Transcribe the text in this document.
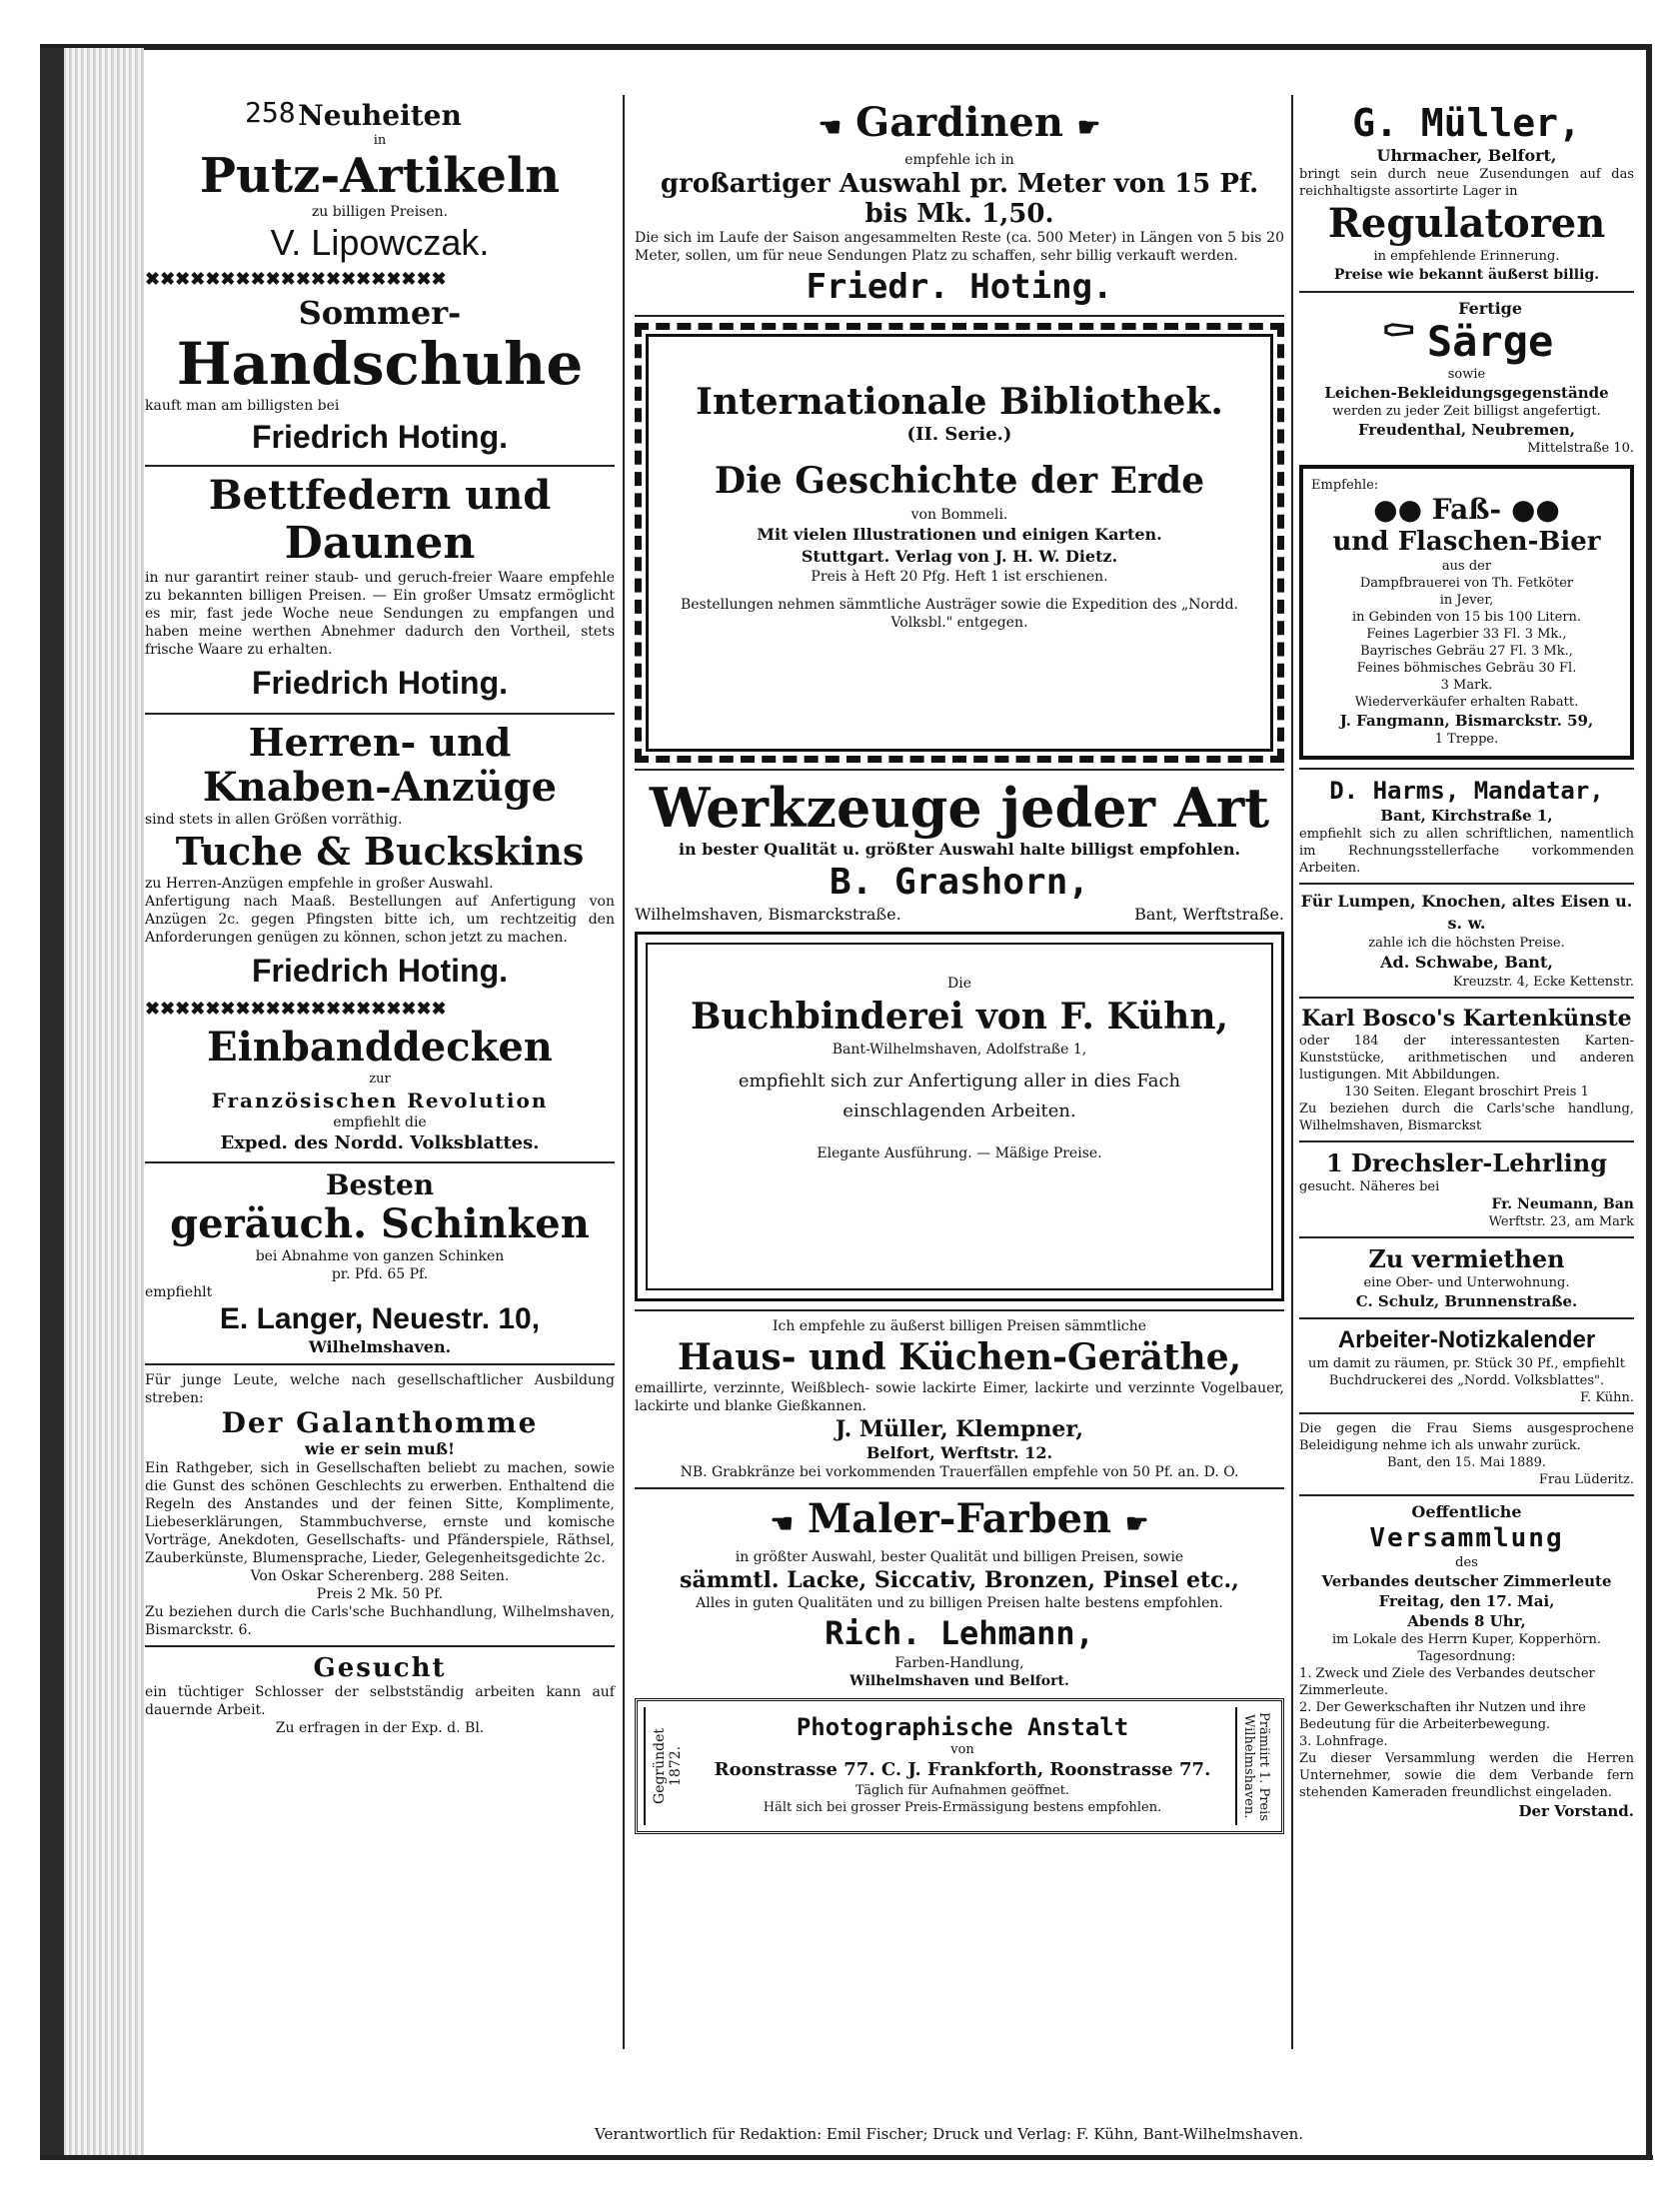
258 Neuheiten
in
Putz-Artikeln
zu billigen Preisen.
V. Lipowczak.
✖✖✖✖✖✖✖✖✖✖✖✖✖✖✖✖✖✖✖✖
Sommer-
Handschuhe
kauft man am billigsten bei
Friedrich Hoting.
Bettfedern und
Daunen
in nur garantirt reiner staub- und geruch-freier Waare empfehle zu bekannten billigen Preisen. — Ein großer Umsatz ermöglicht es mir, fast jede Woche neue Sendungen zu empfangen und haben meine werthen Abnehmer dadurch den Vortheil, stets frische Waare zu erhalten.
Friedrich Hoting.
Herren- und
Knaben-Anzüge
sind stets in allen Größen vorräthig.
Tuche & Buckskins
zu Herren-Anzügen empfehle in großer Auswahl.
Anfertigung nach Maaß. Bestellungen auf Anfertigung von Anzügen 2c. gegen Pfingsten bitte ich, um rechtzeitig den Anforderungen genügen zu können, schon jetzt zu machen.
Friedrich Hoting.
✖✖✖✖✖✖✖✖✖✖✖✖✖✖✖✖✖✖✖✖
Einbanddecken
zur
Französischen Revolution
empfiehlt die
Exped. des Nordd. Volksblattes.
Besten
geräuch. Schinken
bei Abnahme von ganzen Schinken
pr. Pfd. 65 Pf.
empfiehlt
E. Langer, Neuestr. 10,
Wilhelmshaven.
Für junge Leute, welche nach gesellschaftlicher Ausbildung streben:
Der Galanthomme
wie er sein muß!
Ein Rathgeber, sich in Gesellschaften beliebt zu machen, sowie die Gunst des schönen Geschlechts zu erwerben. Enthaltend die Regeln des Anstandes und der feinen Sitte, Komplimente, Liebeserklärungen, Stammbuchverse, ernste und komische Vorträge, Anekdoten, Gesellschafts- und Pfänderspiele, Räthsel, Zauberkünste, Blumensprache, Lieder, Gelegenheitsgedichte 2c.
Von Oskar Scherenberg. 288 Seiten.
Preis 2 Mk. 50 Pf.
Zu beziehen durch die Carls'sche Buchhandlung, Wilhelmshaven, Bismarckstr. 6.
Gesucht
ein tüchtiger Schlosser der selbstständig arbeiten kann auf dauernde Arbeit.
Zu erfragen in der Exp. d. Bl.
☚ Gardinen ☛
empfehle ich in
großartiger Auswahl pr. Meter von 15 Pf. bis Mk. 1,50.
Die sich im Laufe der Saison angesammelten Reste (ca. 500 Meter) in Längen von 5 bis 20 Meter, sollen, um für neue Sendungen Platz zu schaffen, sehr billig verkauft werden.
Friedr. Hoting.
Internationale Bibliothek.
(II. Serie.)
Die Geschichte der Erde
von Bommeli.
Mit vielen Illustrationen und einigen Karten.
Stuttgart. Verlag von J. H. W. Dietz.
Preis à Heft 20 Pfg. Heft 1 ist erschienen.
Bestellungen nehmen sämmtliche Austräger sowie die Expedition des „Nordd. Volksbl." entgegen.
Werkzeuge jeder Art
in bester Qualität u. größter Auswahl halte billigst empfohlen.
B. Grashorn,
Wilhelmshaven, Bismarckstraße.	Bant, Werftstraße.
Die
Buchbinderei von F. Kühn,
Bant-Wilhelmshaven, Adolfstraße 1,
empfiehlt sich zur Anfertigung aller in dies Fach
einschlagenden Arbeiten.
Elegante Ausführung. — Mäßige Preise.
Ich empfehle zu äußerst billigen Preisen sämmtliche
Haus- und Küchen-Geräthe,
emaillirte, verzinnte, Weißblech- sowie lackirte Eimer, lackirte und verzinnte Vogelbauer, lackirte und blanke Gießkannen.
J. Müller, Klempner,
Belfort, Werftstr. 12.
NB. Grabkränze bei vorkommenden Trauerfällen empfehle von 50 Pf. an. D. O.
☚ Maler-Farben ☛
in größter Auswahl, bester Qualität und billigen Preisen, sowie
sämmtl. Lacke, Siccativ, Bronzen, Pinsel etc.,
Alles in guten Qualitäten und zu billigen Preisen halte bestens empfohlen.
Rich. Lehmann,
Farben-Handlung,
Wilhelmshaven und Belfort.
Gegründet 1872.
Photographische Anstalt
von
Roonstrasse 77. C. J. Frankforth, Roonstrasse 77.
Täglich für Aufnahmen geöffnet.
Hält sich bei grosser Preis-Ermässigung bestens empfohlen.	Prämiirt 1. Preis Wilhelmshaven.
G. Müller,
Uhrmacher, Belfort,
bringt sein durch neue Zusendungen auf das reichhaltigste assortirte Lager in
Regulatoren
in empfehlende Erinnerung.
Preise wie bekannt äußerst billig.
⚰	Fertige
Särge
sowie
Leichen-Bekleidungsgegenstände
werden zu jeder Zeit billigst angefertigt.
Freudenthal, Neubremen,
Mittelstraße 10.
Empfehle:
●● Faß- ●●
und Flaschen-Bier
aus der
Dampfbrauerei von Th. Fetköter
in Jever,
in Gebinden von 15 bis 100 Litern.
Feines Lagerbier 33 Fl. 3 Mk.,
Bayrisches Gebräu 27 Fl. 3 Mk.,
Feines böhmisches Gebräu 30 Fl.
3 Mark.
Wiederverkäufer erhalten Rabatt.
J. Fangmann, Bismarckstr. 59,
1 Treppe.
D. Harms, Mandatar,
Bant, Kirchstraße 1,
empfiehlt sich zu allen schriftlichen, namentlich im Rechnungsstellerfache vorkommenden Arbeiten.
Für Lumpen, Knochen, altes Eisen u. s. w.
zahle ich die höchsten Preise.
Ad. Schwabe, Bant,
Kreuzstr. 4, Ecke Kettenstr.
Karl Bosco's Kartenkünste
oder 184 der interessantesten Karten-Kunststücke, arithmetischen und anderen lustigungen. Mit Abbildungen.
130 Seiten. Elegant broschirt Preis 1
Zu beziehen durch die Carls'sche handlung, Wilhelmshaven, Bismarckst
1 Drechsler-Lehrling
gesucht. Näheres bei
Fr. Neumann, Ban
Werftstr. 23, am Mark
Zu vermiethen
eine Ober- und Unterwohnung.
C. Schulz, Brunnenstraße.
Arbeiter-Notizkalender
um damit zu räumen, pr. Stück 30 Pf., empfiehlt
Buchdruckerei des „Nordd. Volksblattes".
F. Kühn.
Die gegen die Frau Siems ausgesprochene Beleidigung nehme ich als unwahr zurück.
Bant, den 15. Mai 1889.
Frau Lüderitz.
Oeffentliche
Versammlung
des
Verbandes deutscher Zimmerleute
Freitag, den 17. Mai,
Abends 8 Uhr,
im Lokale des Herrn Kuper, Kopperhörn.
Tagesordnung:
1. Zweck und Ziele des Verbandes deutscher Zimmerleute.
2. Der Gewerkschaften ihr Nutzen und ihre Bedeutung für die Arbeiterbewegung.
3. Lohnfrage.
Zu dieser Versammlung werden die Herren Unternehmer, sowie die dem Verbande fern stehenden Kameraden freundlichst eingeladen.
Der Vorstand.
Verantwortlich für Redaktion: Emil Fischer; Druck und Verlag: F. Kühn, Bant-Wilhelmshaven.
